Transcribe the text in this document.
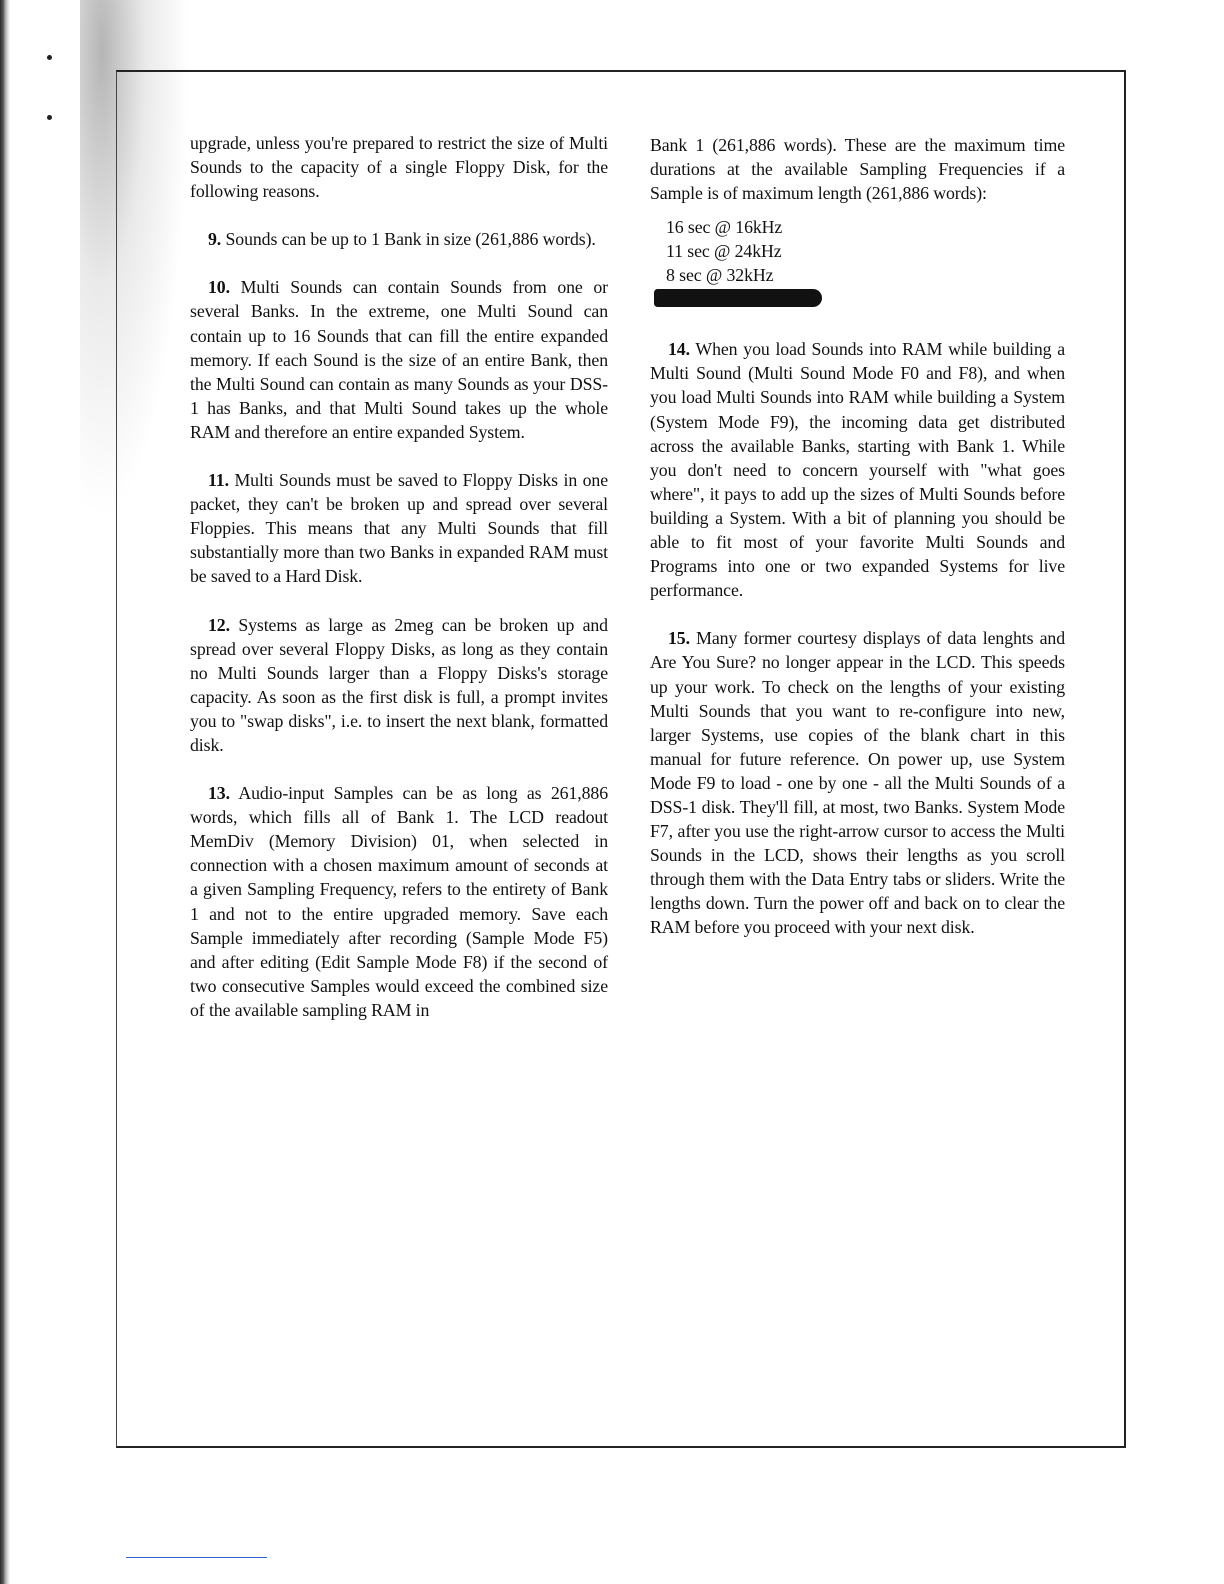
upgrade, unless you're prepared to restrict the size of Multi Sounds to the capacity of a single Floppy Disk, for the following reasons.

9. Sounds can be up to 1 Bank in size (261,886 words).

10. Multi Sounds can contain Sounds from one or several Banks. In the extreme, one Multi Sound can contain up to 16 Sounds that can fill the entire expanded memory. If each Sound is the size of an entire Bank, then the Multi Sound can contain as many Sounds as your DSS-1 has Banks, and that Multi Sound takes up the whole RAM and therefore an entire expanded System.

11. Multi Sounds must be saved to Floppy Disks in one packet, they can't be broken up and spread over several Floppies. This means that any Multi Sounds that fill substantially more than two Banks in expanded RAM must be saved to a Hard Disk.

12. Systems as large as 2meg can be broken up and spread over several Floppy Disks, as long as they contain no Multi Sounds larger than a Floppy Disks's storage capacity. As soon as the first disk is full, a prompt invites you to "swap disks", i.e. to insert the next blank, formatted disk.

13. Audio-input Samples can be as long as 261,886 words, which fills all of Bank 1. The LCD readout MemDiv (Memory Division) 01, when selected in connection with a chosen maximum amount of seconds at a given Sampling Frequency, refers to the entirety of Bank 1 and not to the entire upgraded memory. Save each Sample immediately after recording (Sample Mode F5) and after editing (Edit Sample Mode F8) if the second of two consecutive Samples would exceed the combined size of the available sampling RAM in

Bank 1 (261,886 words). These are the maximum time durations at the available Sampling Frequencies if a Sample is of maximum length (261,886 words):

16 sec @ 16kHz
11 sec @ 24kHz
8 sec @ 32kHz

14. When you load Sounds into RAM while building a Multi Sound (Multi Sound Mode F0 and F8), and when you load Multi Sounds into RAM while building a System (System Mode F9), the incoming data get distributed across the available Banks, starting with Bank 1. While you don't need to concern yourself with "what goes where", it pays to add up the sizes of Multi Sounds before building a System. With a bit of planning you should be able to fit most of your favorite Multi Sounds and Programs into one or two expanded Systems for live performance.

15. Many former courtesy displays of data lenghts and Are You Sure? no longer appear in the LCD. This speeds up your work. To check on the lengths of your existing Multi Sounds that you want to re-configure into new, larger Systems, use copies of the blank chart in this manual for future reference. On power up, use System Mode F9 to load - one by one - all the Multi Sounds of a DSS-1 disk. They'll fill, at most, two Banks. System Mode F7, after you use the right-arrow cursor to access the Multi Sounds in the LCD, shows their lengths as you scroll through them with the Data Entry tabs or sliders. Write the lengths down. Turn the power off and back on to clear the RAM before you proceed with your next disk.
